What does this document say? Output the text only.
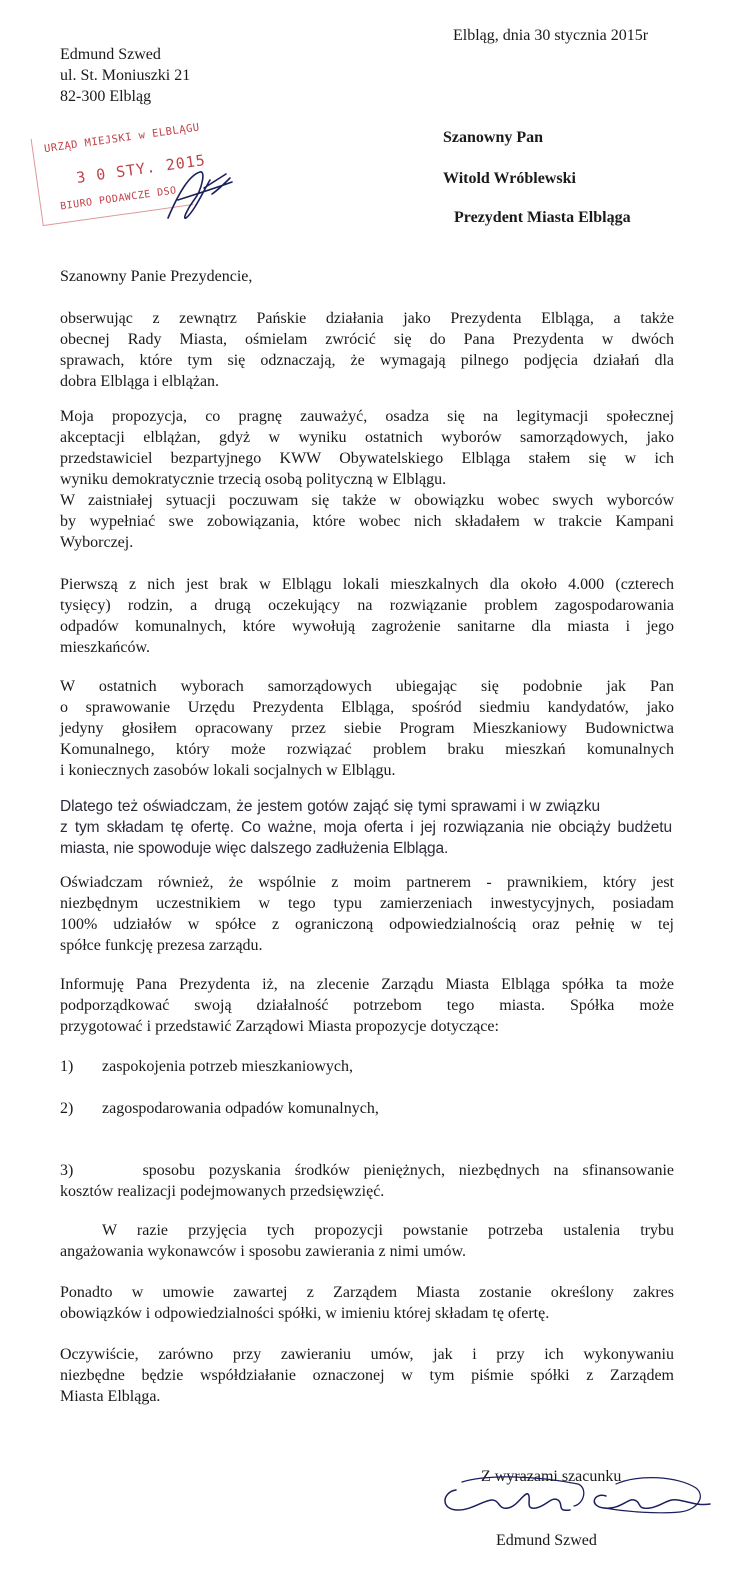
Elbląg, dnia 30 stycznia 2015r
Edmund Szwed
ul. St. Moniuszki 21
82-300 Elbląg
Szanowny Pan
Witold Wróblewski
Prezydent Miasta Elbląga
URZĄD MIEJSKI w ELBLĄGU
3 0 STY. 2015
BIURO PODAWCZE DSO
Szanowny Panie Prezydencie,
obserwując z zewnątrz Pańskie działania jako Prezydenta Elbląga, a także
obecnej Rady Miasta, ośmielam zwrócić się do Pana Prezydenta w dwóch
sprawach, które tym się odznaczają, że wymagają pilnego podjęcia działań dla
dobra Elbląga i elblążan.
Moja propozycja, co pragnę zauważyć, osadza się na legitymacji społecznej
akceptacji elblążan, gdyż w wyniku ostatnich wyborów samorządowych, jako
przedstawiciel bezpartyjnego KWW Obywatelskiego Elbląga stałem się w ich
wyniku demokratycznie trzecią osobą polityczną w Elblągu.
W zaistniałej sytuacji poczuwam się także w obowiązku wobec swych wyborców
by wypełniać swe zobowiązania, które wobec nich składałem w trakcie Kampani
Wyborczej.
Pierwszą z nich jest brak w Elblągu lokali mieszkalnych dla około 4.000 (czterech
tysięcy) rodzin, a drugą oczekujący na rozwiązanie problem zagospodarowania
odpadów komunalnych, które wywołują zagrożenie sanitarne dla miasta i jego
mieszkańców.
W ostatnich wyborach samorządowych ubiegając się podobnie jak Pan
o sprawowanie Urzędu Prezydenta Elbląga, spośród siedmiu kandydatów, jako
jedyny głosiłem opracowany przez siebie Program Mieszkaniowy Budownictwa
Komunalnego, który może rozwiązać problem braku mieszkań komunalnych
i koniecznych zasobów lokali socjalnych w Elblągu.
Dlatego też oświadczam, że jestem gotów zająć się tymi sprawami i w związku
z tym składam tę ofertę. Co ważne, moja oferta i jej rozwiązania nie obciąży budżetu
miasta, nie spowoduje więc dalszego zadłużenia Elbląga.
Oświadczam również, że wspólnie z moim partnerem - prawnikiem, który jest
niezbędnym uczestnikiem w tego typu zamierzeniach inwestycyjnych, posiadam
100% udziałów w spółce z ograniczoną odpowiedzialnością oraz pełnię w tej
spółce funkcję prezesa zarządu.
Informuję Pana Prezydenta iż, na zlecenie Zarządu Miasta Elbląga spółka ta może
podporządkować swoją działalność potrzebom tego miasta. Spółka może
przygotować i przedstawić Zarządowi Miasta propozycje dotyczące:
1) zaspokojenia potrzeb mieszkaniowych,
2) zagospodarowania odpadów komunalnych,
3)	sposobu pozyskania środków pieniężnych, niezbędnych na sfinansowanie
kosztów realizacji podejmowanych przedsięwzięć.
W razie przyjęcia tych propozycji powstanie potrzeba ustalenia trybu
angażowania wykonawców i sposobu zawierania z nimi umów.
Ponadto w umowie zawartej z Zarządem Miasta zostanie określony zakres
obowiązków i odpowiedzialności spółki, w imieniu której składam tę ofertę.
Oczywiście, zarówno przy zawieraniu umów, jak i przy ich wykonywaniu
niezbędne będzie współdziałanie oznaczonej w tym piśmie spółki z Zarządem
Miasta Elbląga.
Z wyrazami szacunku
Edmund Szwed
